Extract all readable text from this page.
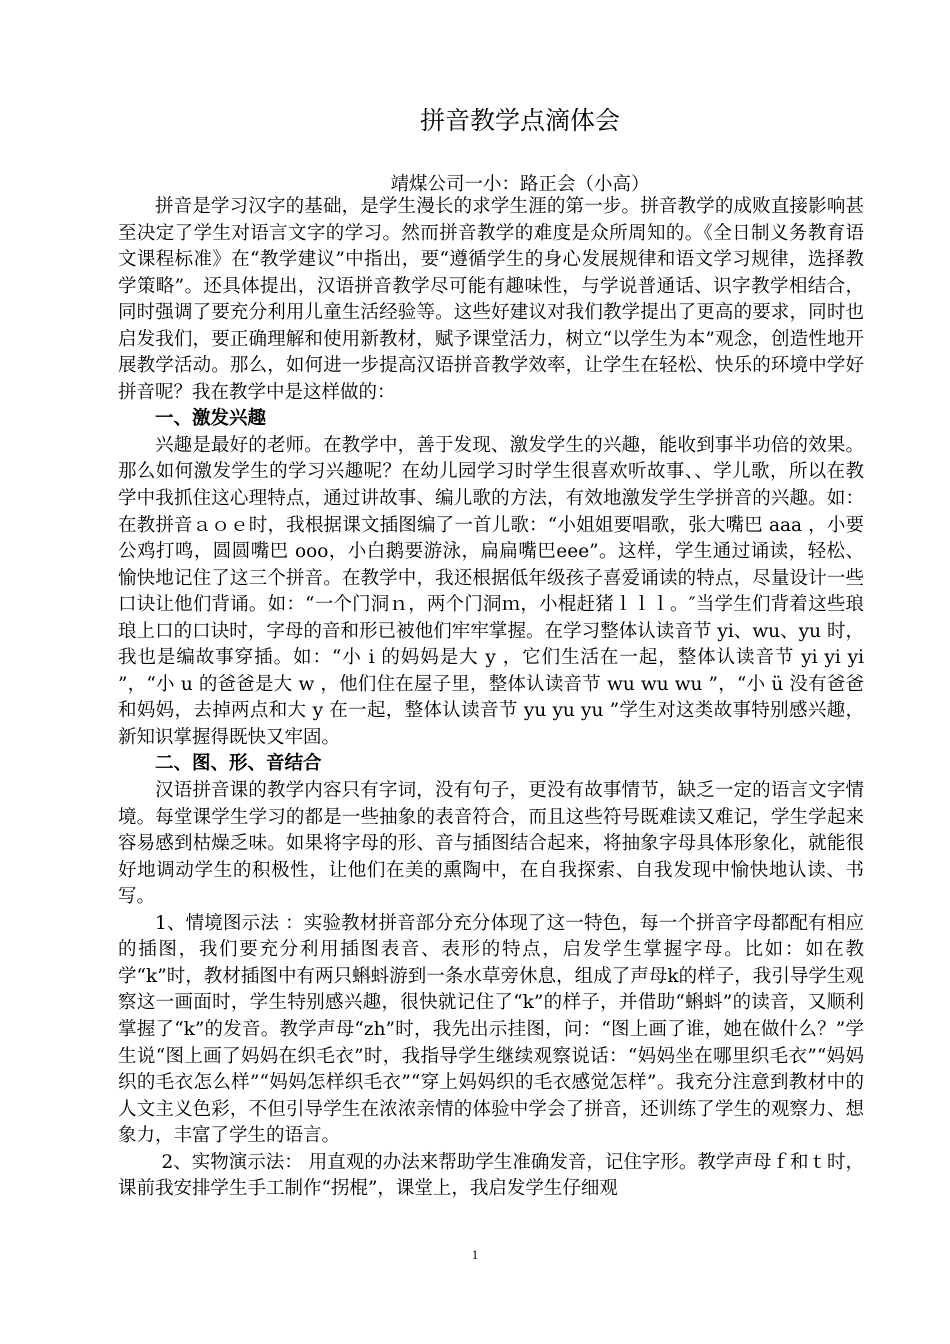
拼音教学点滴体会
靖煤公司一小：路正会（小高）

拼音是学习汉字的基础，是学生漫长的求学生涯的第一步。拼音教学的成败直接影响甚至决定了学生对语言文字的学习。然而拼音教学的难度是众所周知的。《全日制义务教育语文课程标准》在“教学建议”中指出，要“遵循学生的身心发展规律和语文学习规律，选择教学策略”。还具体提出，汉语拼音教学尽可能有趣味性，与学说普通话、识字教学相结合，同时强调了要充分利用儿童生活经验等。这些好建议对我们教学提出了更高的要求，同时也启发我们，要正确理解和使用新教材，赋予课堂活力，树立“以学生为本”观念，创造性地开展教学活动。那么，如何进一步提高汉语拼音教学效率，让学生在轻松、快乐的环境中学好拼音呢？我在教学中是这样做的：

一、激发兴趣

兴趣是最好的老师。在教学中，善于发现、激发学生的兴趣，能收到事半功倍的效果。那么如何激发学生的学习兴趣呢？在幼儿园学习时学生很喜欢听故事、、学儿歌，所以在教学中我抓住这心理特点，通过讲故事、编儿歌的方法，有效地激发学生学拼音的兴趣。如：在教拼音ａｏｅ时，我根据课文插图编了一首儿歌：“小姐姐要唱歌，张大嘴巴 aaa ，小要公鸡打鸣，圆圆嘴巴 ooo，小白鹅要游泳，扁扁嘴巴eee”。这样，学生通过诵读，轻松、愉快地记住了这三个拼音。在教学中，我还根据低年级孩子喜爱诵读的特点，尽量设计一些口诀让他们背诵。如：“一个门洞ｎ，两个门洞ｍ，小棍赶猪ｌｌｌ。″当学生们背着这些琅琅上口的口诀时，字母的音和形已被他们牢牢掌握。在学习整体认读音节 yi、wu、yu 时，我也是编故事穿插。如：“小 i 的妈妈是大 y ，它们生活在一起，整体认读音节 yi yi yi ”，“小 u 的爸爸是大 w ，他们住在屋子里，整体认读音节 wu wu wu ”，“小 ü 没有爸爸和妈妈，去掉两点和大 y 在一起，整体认读音节 yu yu yu ”学生对这类故事特别感兴趣，新知识掌握得既快又牢固。

二、图、形、音结合

汉语拼音课的教学内容只有字词，没有句子，更没有故事情节，缺乏一定的语言文字情境。每堂课学生学习的都是一些抽象的表音符合，而且这些符号既难读又难记，学生学起来容易感到枯燥乏味。如果将字母的形、音与插图结合起来，将抽象字母具体形象化，就能很好地调动学生的积极性，让他们在美的熏陶中，在自我探索、自我发现中愉快地认读、书写。

1、情境图示法 ：实验教材拼音部分充分体现了这一特色，每一个拼音字母都配有相应的插图，我们要充分利用插图表音、表形的特点，启发学生掌握字母。比如：如在教学“k”时，教材插图中有两只蝌蚪游到一条水草旁休息，组成了声母k的样子，我引导学生观察这一画面时，学生特别感兴趣，很快就记住了“k”的样子，并借助“蝌蚪”的读音，又顺利掌握了“k”的发音。教学声母“zh”时，我先出示挂图，问：“图上画了谁，她在做什么？”学生说“图上画了妈妈在织毛衣”时，我指导学生继续观察说话：“妈妈坐在哪里织毛衣”“妈妈织的毛衣怎么样”“妈妈怎样织毛衣”“穿上妈妈织的毛衣感觉怎样”。我充分注意到教材中的人文主义色彩，不但引导学生在浓浓亲情的体验中学会了拼音，还训练了学生的观察力、想象力，丰富了学生的语言。

2、实物演示法： 用直观的办法来帮助学生准确发音，记住字形。教学声母ｆ和ｔ时，课前我安排学生手工制作“拐棍”，课堂上，我启发学生仔细观

1
